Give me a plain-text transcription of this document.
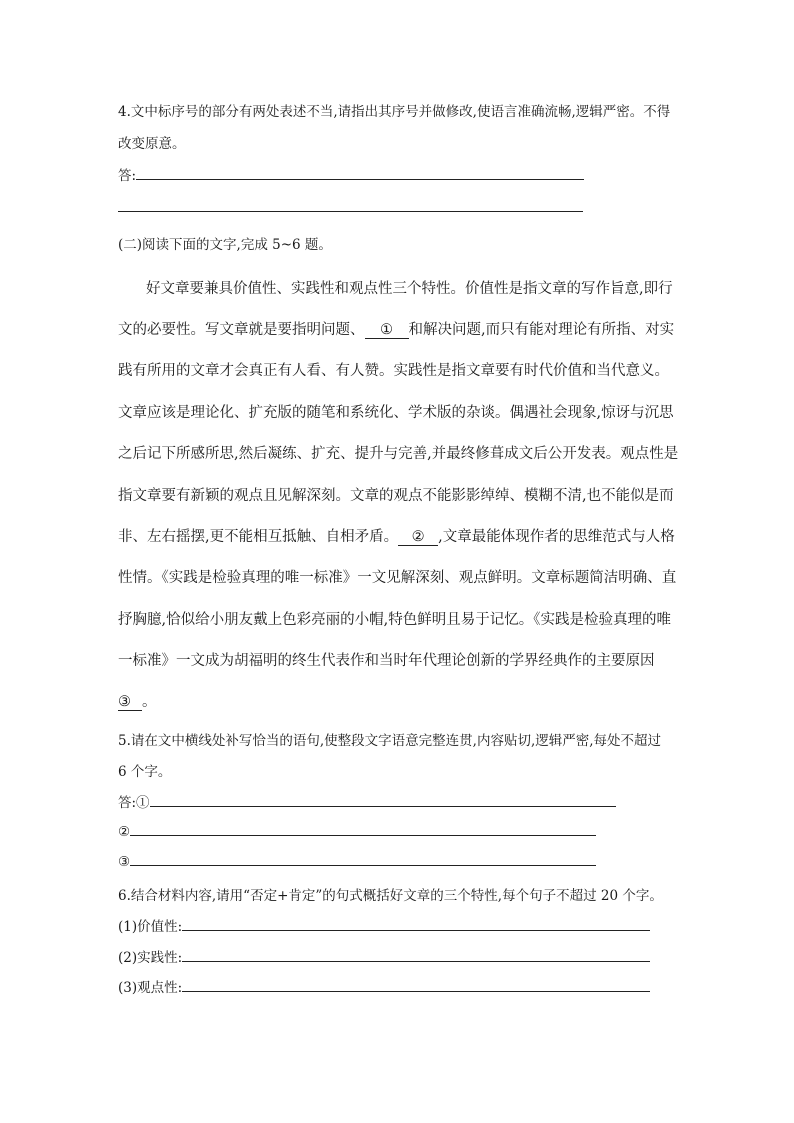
4.文中标序号的部分有两处表述不当,请指出其序号并做修改,使语言准确流畅,逻辑严密。不得
改变原意。
答:
(二)阅读下面的文字,完成 5~6 题。
好文章要兼具价值性、实践性和观点性三个特性。价值性是指文章的写作旨意,即行
文的必要性。写文章就是要指明问题、 ① 和解决问题,而只有能对理论有所指、对实
践有所用的文章才会真正有人看、有人赞。实践性是指文章要有时代价值和当代意义。
文章应该是理论化、扩充版的随笔和系统化、学术版的杂谈。偶遇社会现象,惊讶与沉思
之后记下所感所思,然后凝练、扩充、提升与完善,并最终修葺成文后公开发表。观点性是
指文章要有新颖的观点且见解深刻。文章的观点不能影影绰绰、模糊不清,也不能似是而
非、左右摇摆,更不能相互抵触、自相矛盾。 ② ,文章最能体现作者的思维范式与人格
性情。《实践是检验真理的唯一标准》一文见解深刻、观点鲜明。文章标题简洁明确、直
抒胸臆,恰似给小朋友戴上色彩亮丽的小帽,特色鲜明且易于记忆。《实践是检验真理的唯
一标准》一文成为胡福明的终生代表作和当时年代理论创新的学界经典作的主要原因
③ 。
5.请在文中横线处补写恰当的语句,使整段文字语意完整连贯,内容贴切,逻辑严密,每处不超过
6 个字。
答:①
②
③
6.结合材料内容,请用“否定+肯定”的句式概括好文章的三个特性,每个句子不超过 20 个字。
(1)价值性:
(2)实践性:
(3)观点性:
